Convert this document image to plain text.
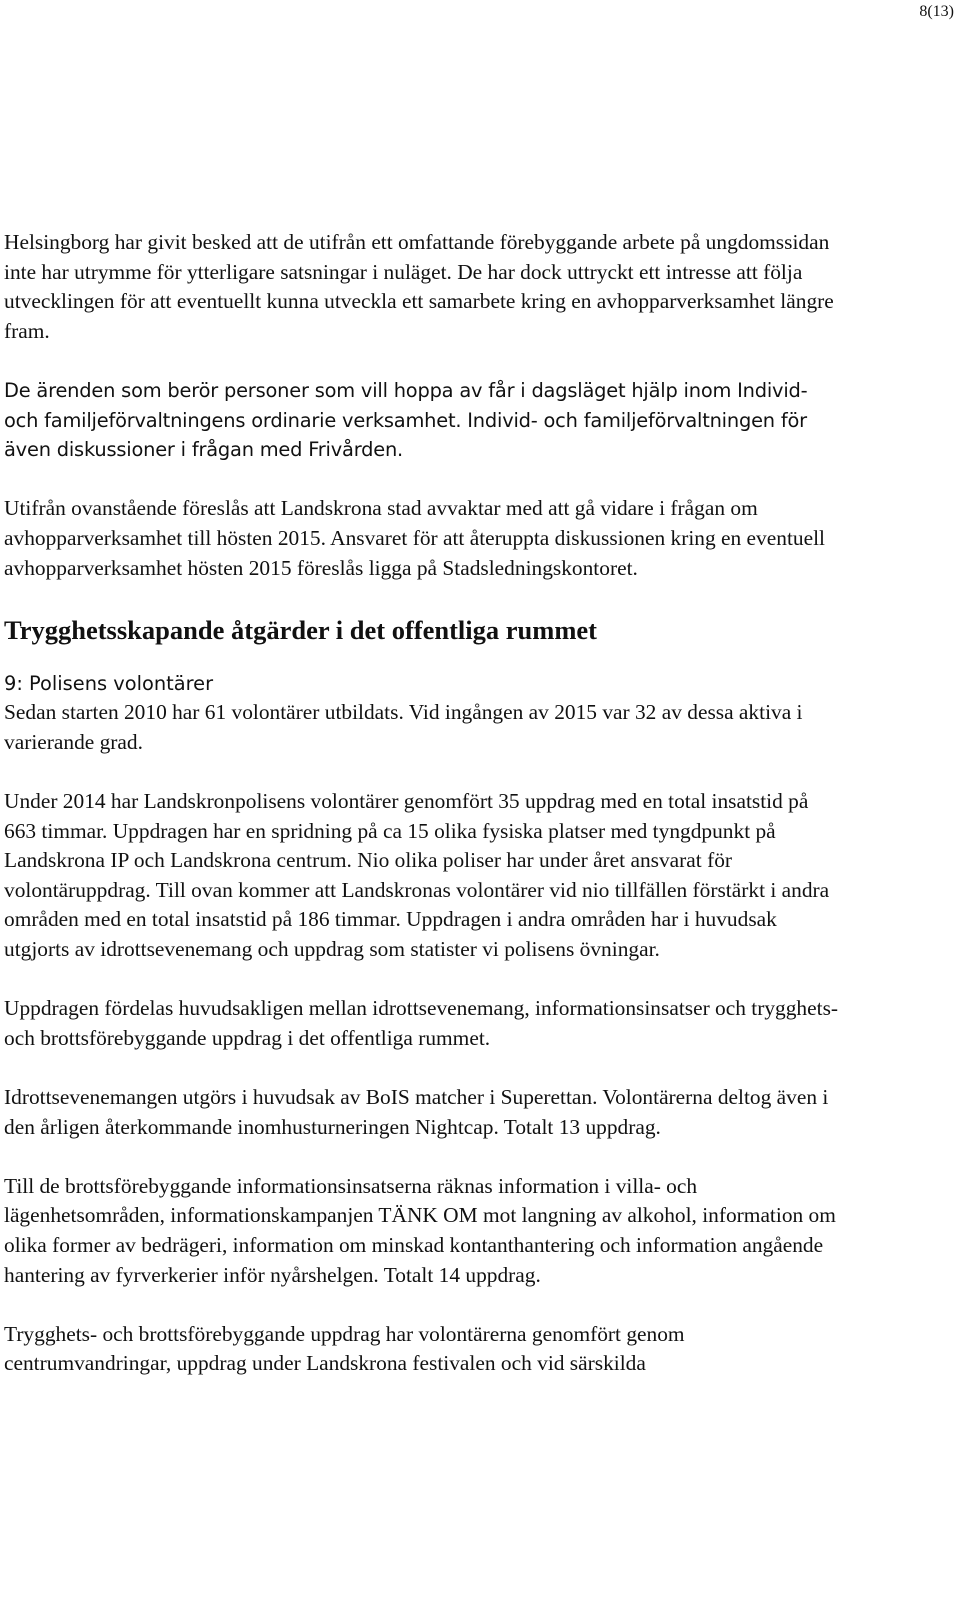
8(13)

Helsingborg har givit besked att de utifrån ett omfattande förebyggande arbete på ungdomssidan inte har utrymme för ytterligare satsningar i nuläget. De har dock uttryckt ett intresse att följa utvecklingen för att eventuellt kunna utveckla ett samarbete kring en avhopparverksamhet längre fram.

De ärenden som berör personer som vill hoppa av får i dagsläget hjälp inom Individ- och familjeförvaltningens ordinarie verksamhet. Individ- och familjeförvaltningen för även diskussioner i frågan med Frivården.

Utifrån ovanstående föreslås att Landskrona stad avvaktar med att gå vidare i frågan om avhopparverksamhet till hösten 2015. Ansvaret för att återuppta diskussionen kring en eventuell avhopparverksamhet hösten 2015 föreslås ligga på Stadsledningskontoret.

Trygghetsskapande åtgärder i det offentliga rummet
9: Polisens volontärer

Sedan starten 2010 har 61 volontärer utbildats. Vid ingången av 2015 var 32 av dessa aktiva i varierande grad.

Under 2014 har Landskronpolisens volontärer genomfört 35 uppdrag med en total insatstid på 663 timmar. Uppdragen har en spridning på ca 15 olika fysiska platser med tyngdpunkt på Landskrona IP och Landskrona centrum. Nio olika poliser har under året ansvarat för volontäruppdrag. Till ovan kommer att Landskronas volontärer vid nio tillfällen förstärkt i andra områden med en total insatstid på 186 timmar. Uppdragen i andra områden har i huvudsak utgjorts av idrottsevenemang och uppdrag som statister vi polisens övningar.

Uppdragen fördelas huvudsakligen mellan idrottsevenemang, informationsinsatser och trygghets- och brottsförebyggande uppdrag i det offentliga rummet.

Idrottsevenemangen utgörs i huvudsak av BoIS matcher i Superettan. Volontärerna deltog även i den årligen återkommande inomhusturneringen Nightcap. Totalt 13 uppdrag.

Till de brottsförebyggande informationsinsatserna räknas information i villa- och lägenhetsområden, informationskampanjen TÄNK OM mot langning av alkohol, information om olika former av bedrägeri, information om minskad kontanthantering och information angående hantering av fyrverkerier inför nyårshelgen. Totalt 14 uppdrag.

Trygghets- och brottsförebyggande uppdrag har volontärerna genomfört genom centrumvandringar, uppdrag under Landskrona festivalen och vid särskilda
